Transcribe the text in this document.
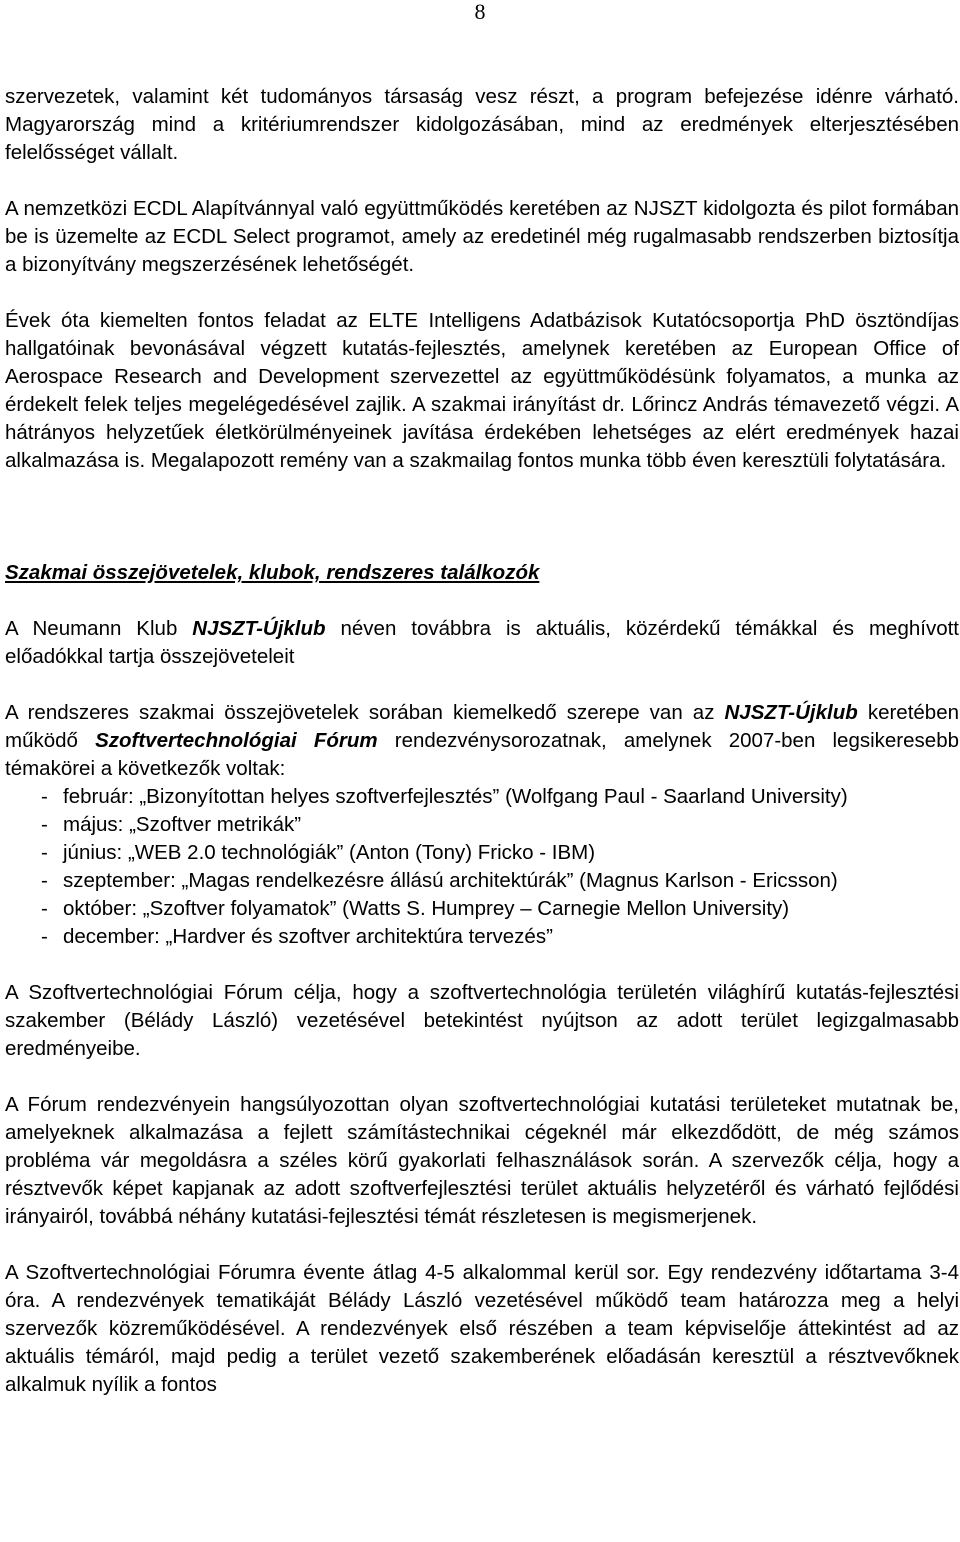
8

szervezetek, valamint két tudományos társaság vesz részt, a program befejezése idénre várható. Magyarország mind a kritériumrendszer kidolgozásában, mind az eredmények elterjesztésében felelősséget vállalt.

A nemzetközi ECDL Alapítvánnyal való együttműködés keretében az NJSZT kidolgozta és pilot formában be is üzemelte az ECDL Select programot, amely az eredetinél még rugalmasabb rendszerben biztosítja a bizonyítvány megszerzésének lehetőségét.

Évek óta kiemelten fontos feladat az ELTE Intelligens Adatbázisok Kutatócsoportja PhD ösztöndíjas hallgatóinak bevonásával végzett kutatás-fejlesztés, amelynek keretében az European Office of Aerospace Research and Development szervezettel az együttműködésünk folyamatos, a munka az érdekelt felek teljes megelégedésével zajlik. A szakmai irányítást dr. Lőrincz András témavezető végzi. A hátrányos helyzetűek életkörülményeinek javítása érdekében lehetséges az elért eredmények hazai alkalmazása is. Megalapozott remény van a szakmailag fontos munka több éven keresztüli folytatására.

Szakmai összejövetelek, klubok, rendszeres találkozók

A Neumann Klub NJSZT-Újklub néven továbbra is aktuális, közérdekű témákkal és meghívott előadókkal tartja összejöveteleit

A rendszeres szakmai összejövetelek sorában kiemelkedő szerepe van az NJSZT-Újklub keretében működő Szoftvertechnológiai Fórum rendezvénysorozatnak, amelynek 2007-ben legsikeresebb témakörei a következők voltak:

- február: „Bizonyítottan helyes szoftverfejlesztés” (Wolfgang Paul - Saarland University)
- május: „Szoftver metrikák”
- június: „WEB 2.0 technológiák” (Anton (Tony) Fricko - IBM)
- szeptember: „Magas rendelkezésre állású architektúrák” (Magnus Karlson - Ericsson)
- október: „Szoftver folyamatok” (Watts S. Humprey – Carnegie Mellon University)
- december: „Hardver és szoftver architektúra tervezés”

A Szoftvertechnológiai Fórum célja, hogy a szoftvertechnológia területén világhírű kutatás-fejlesztési szakember (Bélády László) vezetésével betekintést nyújtson az adott terület legizgalmasabb eredményeibe.

A Fórum rendezvényein hangsúlyozottan olyan szoftvertechnológiai kutatási területeket mutatnak be, amelyeknek alkalmazása a fejlett számítástechnikai cégeknél már elkezdődött, de még számos probléma vár megoldásra a széles körű gyakorlati felhasználások során. A szervezők célja, hogy a résztvevők képet kapjanak az adott szoftverfejlesztési terület aktuális helyzetéről és várható fejlődési irányairól, továbbá néhány kutatási-fejlesztési témát részletesen is megismerjenek.

A Szoftvertechnológiai Fórumra évente átlag 4-5 alkalommal kerül sor. Egy rendezvény időtartama 3-4 óra. A rendezvények tematikáját Bélády László vezetésével működő team határozza meg a helyi szervezők közreműködésével. A rendezvények első részében a team képviselője áttekintést ad az aktuális témáról, majd pedig a terület vezető szakemberének előadásán keresztül a résztvevőknek alkalmuk nyílik a fontos
